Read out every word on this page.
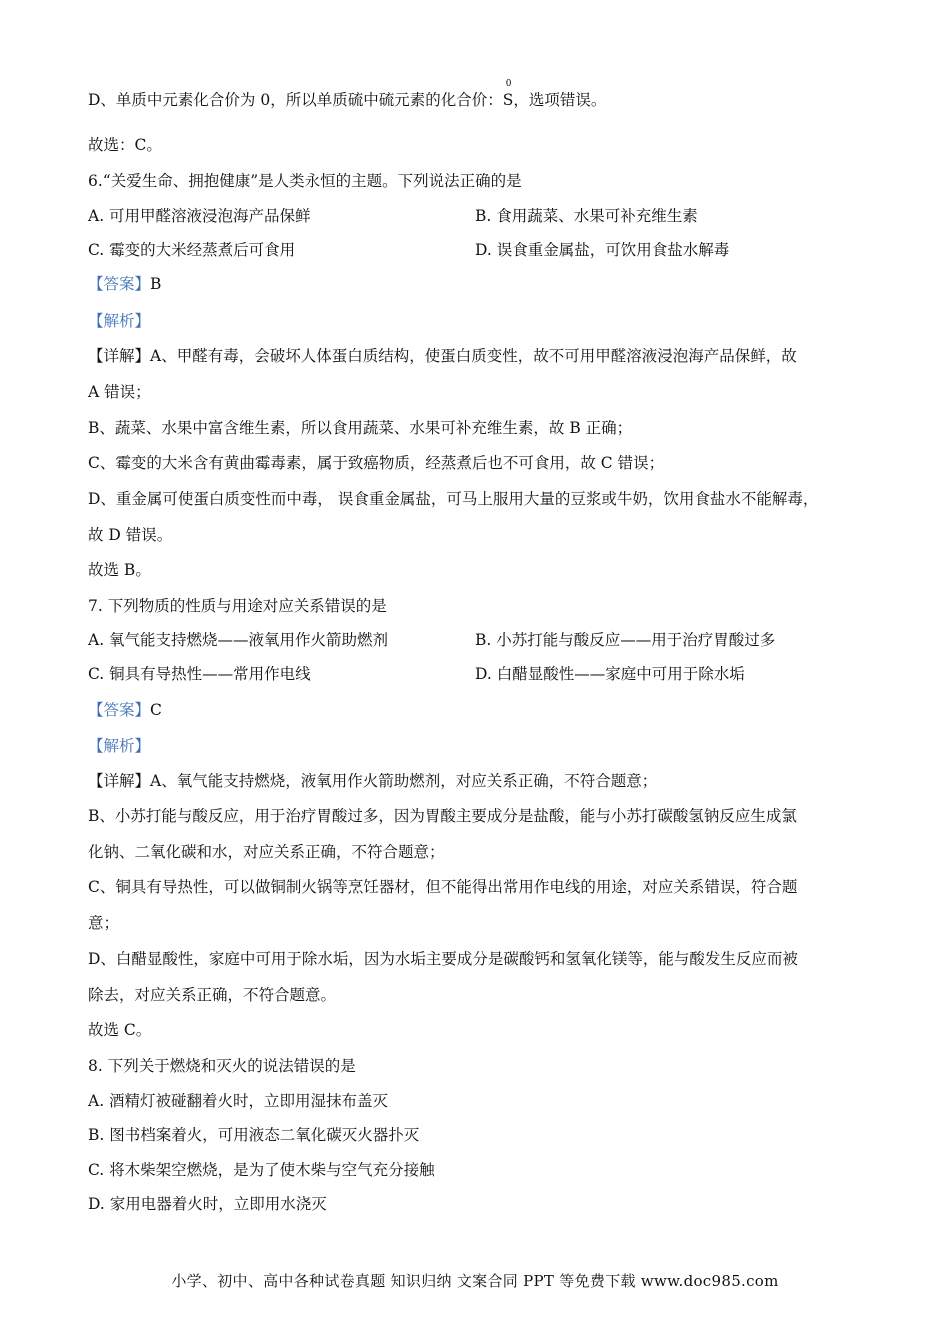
D、单质中元素化合价为 0，所以单质硫中硫元素的化合价：
0
S，选项错误。
故选：C。
6.“关爱生命、拥抱健康”是人类永恒的主题。下列说法正确的是
A. 可用甲醛溶液浸泡海产品保鲜	B. 食用蔬菜、水果可补充维生素
C. 霉变的大米经蒸煮后可食用	D. 误食重金属盐，可饮用食盐水解毒
【答案】B
【解析】
【详解】A、甲醛有毒，会破坏人体蛋白质结构，使蛋白质变性，故不可用甲醛溶液浸泡海产品保鲜，故
A 错误；
B、蔬菜、水果中富含维生素，所以食用蔬菜、水果可补充维生素，故 B 正确；
C、霉变的大米含有黄曲霉毒素，属于致癌物质，经蒸煮后也不可食用，故 C 错误；
D、重金属可使蛋白质变性而中毒， 误食重金属盐，可马上服用大量的豆浆或牛奶，饮用食盐水不能解毒，
故 D 错误。
故选 B。
7. 下列物质的性质与用途对应关系错误的是
A. 氧气能支持燃烧——液氧用作火箭助燃剂	B. 小苏打能与酸反应——用于治疗胃酸过多
C. 铜具有导热性——常用作电线	D. 白醋显酸性——家庭中可用于除水垢
【答案】C
【解析】
【详解】A、氧气能支持燃烧，液氧用作火箭助燃剂，对应关系正确，不符合题意；
B、小苏打能与酸反应，用于治疗胃酸过多，因为胃酸主要成分是盐酸，能与小苏打碳酸氢钠反应生成氯
化钠、二氧化碳和水，对应关系正确，不符合题意；
C、铜具有导热性，可以做铜制火锅等烹饪器材，但不能得出常用作电线的用途，对应关系错误，符合题
意；
D、白醋显酸性，家庭中可用于除水垢，因为水垢主要成分是碳酸钙和氢氧化镁等，能与酸发生反应而被
除去，对应关系正确，不符合题意。
故选 C。
8. 下列关于燃烧和灭火的说法错误的是
A. 酒精灯被碰翻着火时，立即用湿抹布盖灭
B. 图书档案着火，可用液态二氧化碳灭火器扑灭
C. 将木柴架空燃烧，是为了使木柴与空气充分接触
D. 家用电器着火时，立即用水浇灭
小学、初中、高中各种试卷真题 知识归纳 文案合同 PPT 等免费下载 www.doc985.com
